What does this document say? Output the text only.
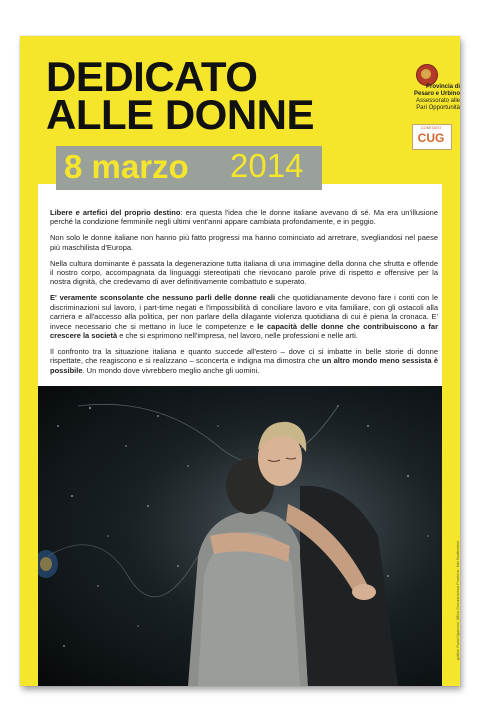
DEDICATO
ALLE DONNE
8 marzo 2014
Provincia di
Pesaro e Urbino
Assessorato alle
Pari Opportunità
COMITATO
CUG

Libere e artefici del proprio destino: era questa l'idea che le donne italiane avevano di sé. Ma era un'illusione perché la condizione femminile negli ultimi vent'anni appare cambiata profondamente, e in peggio.

Non solo le donne italiane non hanno più fatto progressi ma hanno cominciato ad arretrare, svegliandosi nel paese più maschilista d'Europa.

Nella cultura dominante è passata la degenerazione tutta italiana di una immagine della donna che sfrutta e offende il nostro corpo, accompagnata da linguaggi stereotipati che rievocano parole prive di rispetto e offensive per la nostra dignità, che credevamo di aver definitivamente combattuto e superato.

E' veramente sconsolante che nessuno parli delle donne reali che quotidianamente devono fare i conti con le discriminazioni sul lavoro, i part-time negati e l'impossibilità di conciliare lavoro e vita familiare, con gli ostacoli alla carriera e all'accesso alla politica, per non parlare della dilagante violenza quotidiana di cui è piena la cronaca. E' invece necessario che si mettano in luce le competenze e le capacità delle donne che contribuiscono a far crescere la società e che si esprimono nell'impresa, nel lavoro, nelle professioni e nelle arti.

Il confronto tra la situazione italiana e quanto succede all'estero – dove ci si imbatte in belle storie di donne rispettate, che reagiscono e si realizzano – sconcerta e indigna ma dimostra che un altro mondo meno sessista è possibile. Un mondo dove vivrebbero meglio anche gli uomini.

grafica: Paola Uguccioni, Ufficio Comunicazione Provincia · foto Shutterstock
